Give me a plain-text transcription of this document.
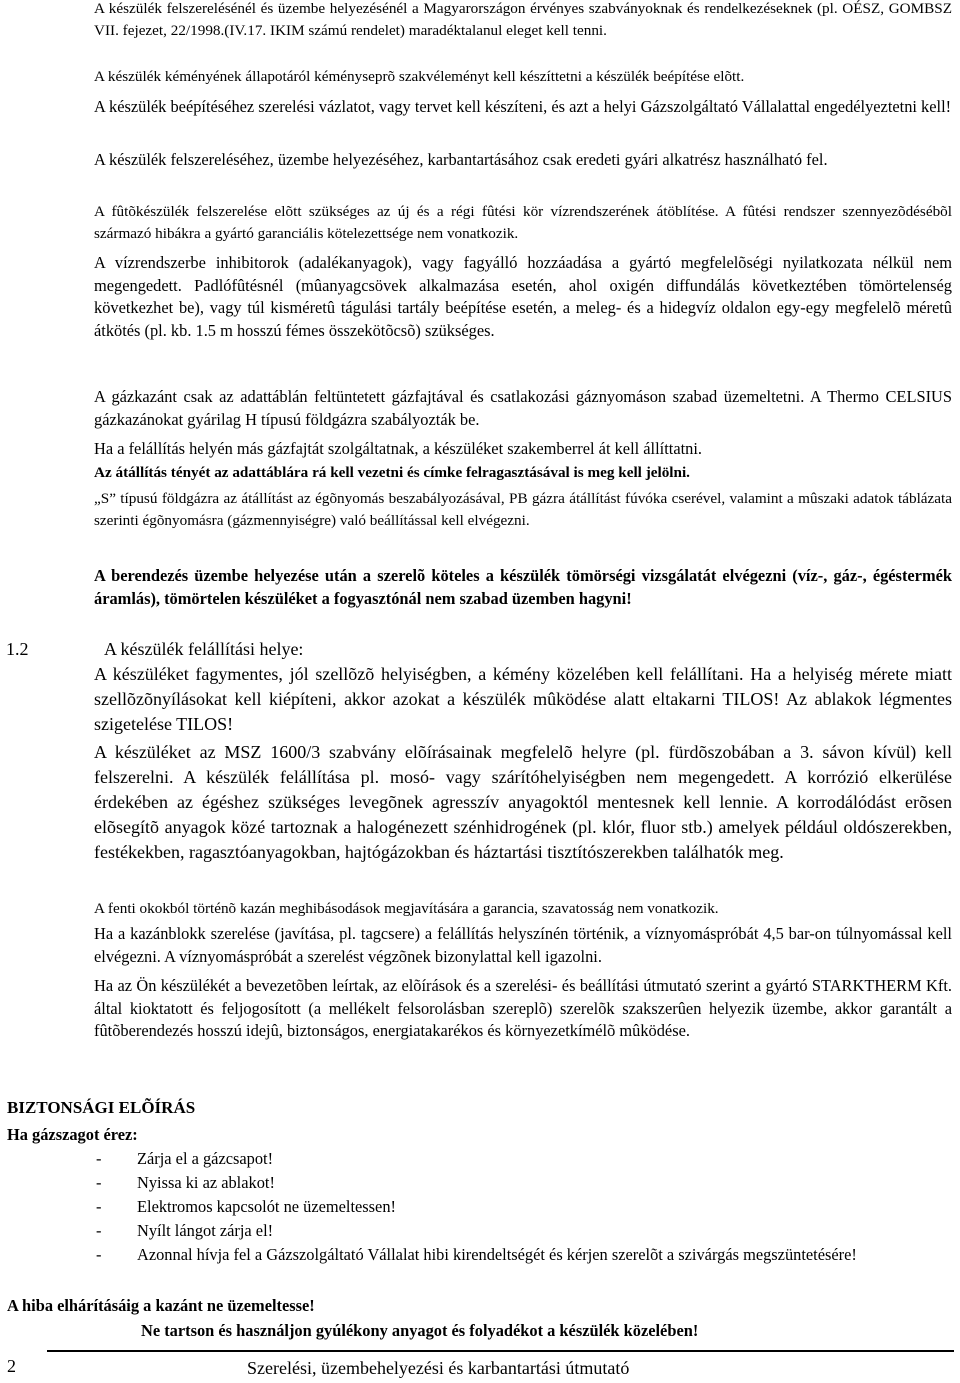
A készülék felszerelésénél és üzembe helyezésénél a Magyarországon érvényes szabványoknak és rendelkezéseknek (pl. OÉSZ, GOMBSZ VII. fejezet, 22/1998.(IV.17. IKIM számú rendelet) maradéktalanul eleget kell tenni.

A készülék kéményének állapotáról kéményseprõ szakvéleményt kell készíttetni a készülék beépítése elõtt.

A készülék beépítéséhez szerelési vázlatot, vagy tervet kell készíteni, és azt a helyi Gázszolgáltató Vállalattal engedélyeztetni kell!

A készülék felszereléséhez, üzembe helyezéséhez, karbantartásához csak eredeti gyári alkatrész használható fel.

A fûtõkészülék felszerelése elõtt szükséges az új és a régi fûtési kör vízrendszerének átöblítése. A fûtési rendszer szennyezõdésébõl származó hibákra a gyártó garanciális kötelezettsége nem vonatkozik.

A vízrendszerbe inhibitorok (adalékanyagok), vagy fagyálló hozzáadása a gyártó megfelelõségi nyilatkozata nélkül nem megengedett. Padlófûtésnél (mûanyagcsövek alkalmazása esetén, ahol oxigén diffundálás következtében tömörtelenség következhet be), vagy túl kisméretû tágulási tartály beépítése esetén, a meleg- és a hidegvíz oldalon egy-egy megfelelõ méretû átkötés (pl. kb. 1.5 m hosszú fémes összekötõcsõ) szükséges.

A gázkazánt csak az adattáblán feltüntetett gázfajtával és csatlakozási gáznyomáson szabad üzemeltetni. A Thermo CELSIUS gázkazánokat gyárilag H típusú földgázra szabályozták be.

Ha a felállítás helyén más gázfajtát szolgáltatnak, a készüléket szakemberrel át kell állíttatni.

Az átállítás tényét az adattáblára rá kell vezetni és címke felragasztásával is meg kell jelölni.

„S” típusú földgázra az átállítást az égõnyomás beszabályozásával, PB gázra átállítást fúvóka cserével, valamint a mûszaki adatok táblázata szerinti égõnyomásra (gázmennyiségre) való beállítással kell elvégezni.

A berendezés üzembe helyezése után a szerelõ köteles a készülék tömörségi vizsgálatát elvégezni (víz-, gáz-, égéstermék áramlás), tömörtelen készüléket a fogyasztónál nem szabad üzemben hagyni!

1.2	A készülék felállítási helye:

A készüléket fagymentes, jól szellõzõ helyiségben, a kémény közelében kell felállítani. Ha a helyiség mérete miatt szellõzõnyílásokat kell kiépíteni, akkor azokat a készülék mûködése alatt eltakarni TILOS! Az ablakok légmentes szigetelése TILOS!

A készüléket az MSZ 1600/3 szabvány elõírásainak megfelelõ helyre (pl. fürdõszobában a 3. sávon kívül) kell felszerelni. A készülék felállítása pl. mosó- vagy szárítóhelyiségben nem megengedett. A korrózió elkerülése érdekében az égéshez szükséges levegõnek agresszív anyagoktól mentesnek kell lennie. A korrodálódást erõsen elõsegítõ anyagok közé tartoznak a halogénezett szénhidrogének (pl. klór, fluor stb.) amelyek például oldószerekben, festékekben, ragasztóanyagokban, hajtógázokban és háztartási tisztítószerekben találhatók meg.

A fenti okokból történõ kazán meghibásodások megjavítására a garancia, szavatosság nem vonatkozik.

Ha a kazánblokk szerelése (javítása, pl. tagcsere) a felállítás helyszínén történik, a víznyomáspróbát 4,5 bar-on túlnyomással kell elvégezni. A víznyomáspróbát a szerelést végzõnek bizonylattal kell igazolni.

Ha az Ön készülékét a bevezetõben leírtak, az elõírások és a szerelési- és beállítási útmutató szerint a gyártó STARKTHERM Kft. által kioktatott és feljogosított (a mellékelt felsorolásban szereplõ) szerelõk szakszerûen helyezik üzembe, akkor garantált a fûtõberendezés hosszú idejû, biztonságos, energiatakarékos és környezetkímélõ mûködése.

BIZTONSÁGI ELÕÍRÁS

Ha gázszagot érez:

- Zárja el a gázcsapot!
- Nyissa ki az ablakot!
- Elektromos kapcsolót ne üzemeltessen!
- Nyílt lángot zárja el!
- Azonnal hívja fel a Gázszolgáltató Vállalat hibi kirendeltségét és kérjen szerelõt a szivárgás megszüntetésére!

A hiba elhárításáig a kazánt ne üzemeltesse!

Ne tartson és használjon gyúlékony anyagot és folyadékot a készülék közelében!

2	Szerelési, üzembehelyezési és karbantartási útmutató
